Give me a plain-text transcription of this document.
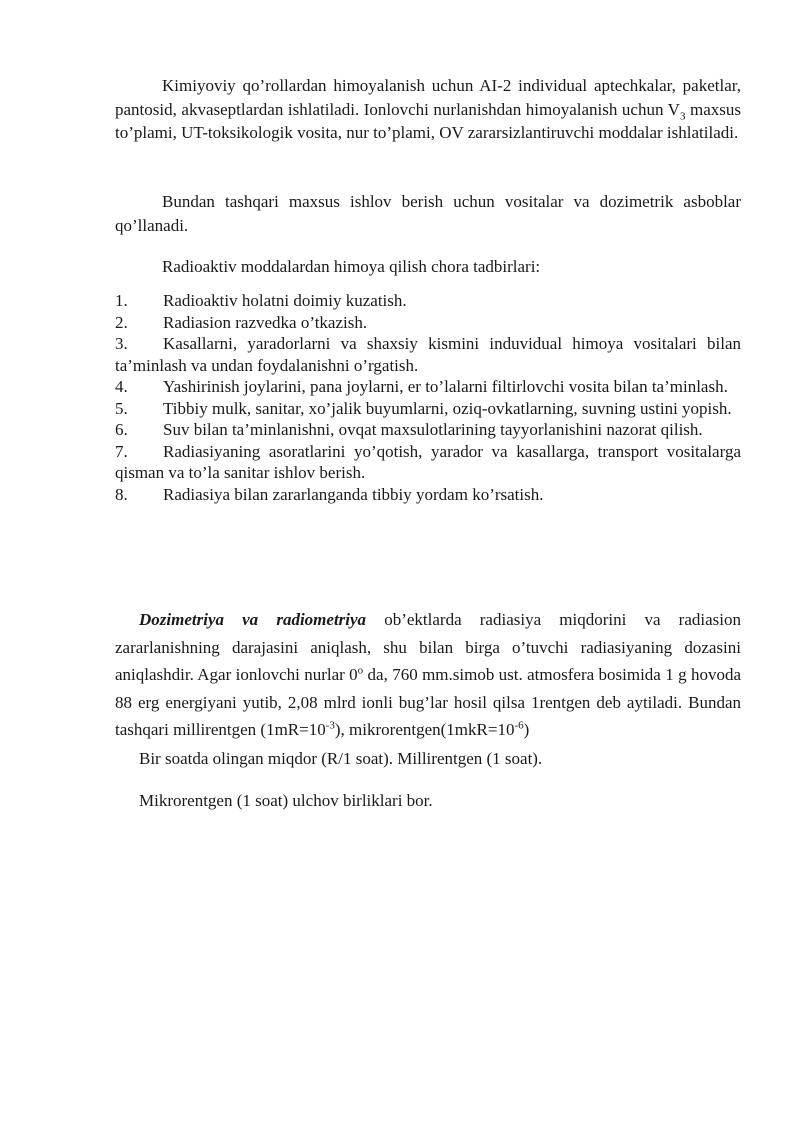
Kimiyoviy qo’rollardan himoyalanish uchun AI-2 individual aptechkalar, paketlar, pantosid, akvaseptlardan ishlatiladi. Ionlovchi nurlanishdan himoyalanish uchun $V_3$ maxsus to’plami, UT-toksikologik vosita, nur to’plami, OV zararsizlantiruvchi moddalar ishlatiladi.

Bundan tashqari maxsus ishlov berish uchun vositalar va dozimetrik asboblar qo’llanadi.

Radioaktiv moddalardan himoya qilish chora tadbirlari:

1. Radioaktiv holatni doimiy kuzatish.
2. Radiasion razvedka o’tkazish.
3. Kasallarni, yaradorlarni va shaxsiy kismini induvidual himoya vositalari bilan ta’minlash va undan foydalanishni o’rgatish.
4. Yashirinish joylarini, pana joylarni, er to’lalarni filtirlovchi vosita bilan ta’minlash.
5. Tibbiy mulk, sanitar, xo’jalik buyumlarni, oziq-ovkatlarning, suvning ustini yopish.
6. Suv bilan ta’minlanishni, ovqat maxsulotlarining tayyorlanishini nazorat qilish.
7. Radiasiyaning asoratlarini yo’qotish, yarador va kasallarga, transport vositalarga qisman va to’la sanitar ishlov berish.
8. Radiasiya bilan zararlanganda tibbiy yordam ko’rsatish.

Dozimetriya va radiometriya ob’ektlarda radiasiya miqdorini va radiasion zararlanishning darajasini aniqlash, shu bilan birga o’tuvchi radiasiyaning dozasini aniqlashdir. Agar ionlovchi nurlar 0$^o$ da, 760 mm.simob ust. atmosfera bosimida 1 g hovoda 88 erg energiyani yutib, 2,08 mlrd ionli bug’lar hosil qilsa 1rentgen deb aytiladi. Bundan tashqari millirentgen $(1mR=10^{-3})$, $mikrorentgen(1mkR=10^{-6})$

Bir soatda olingan miqdor (R/1 soat). Millirentgen (1 soat).

Mikrorentgen (1 soat) ulchov birliklari bor.
